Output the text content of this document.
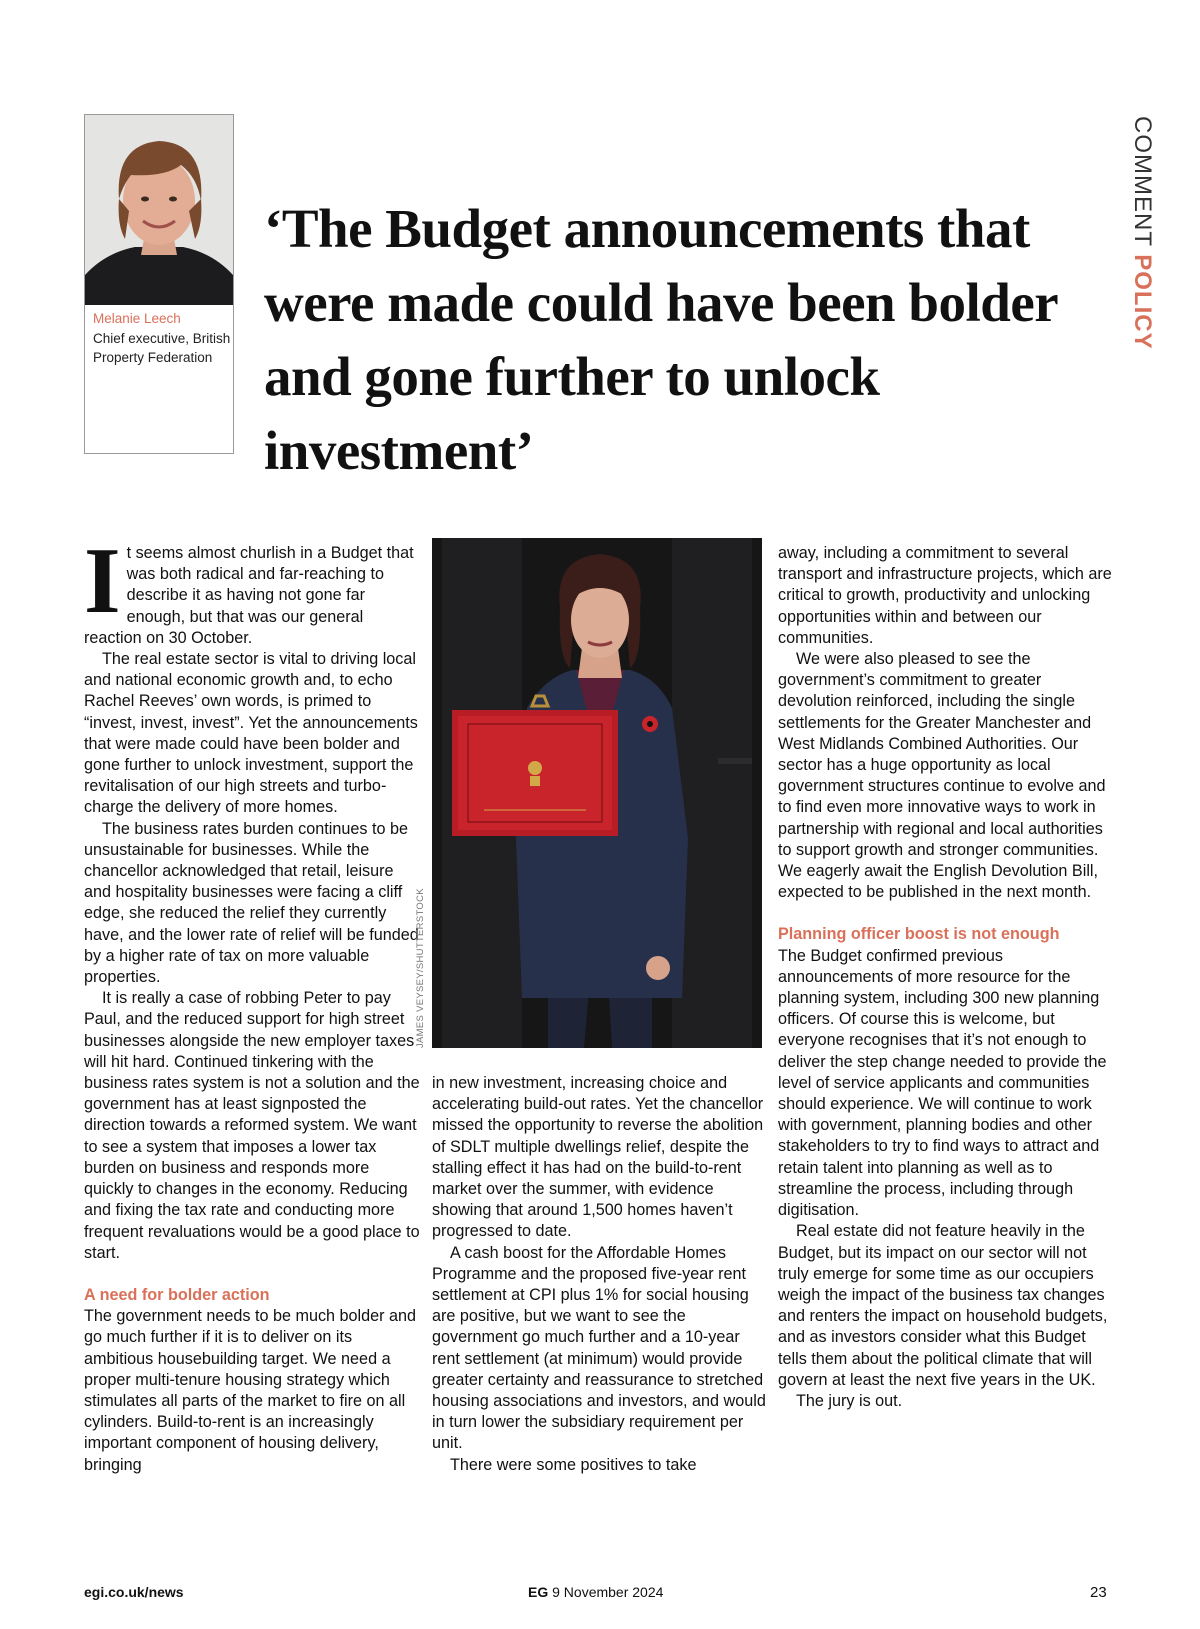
COMMENT POLICY
Melanie Leech
Chief executive, British Property Federation
‘The Budget announcements that were made could have been bolder and gone further to unlock investment’
I t seems almost churlish in a Budget that was both radical and far-reaching to describe it as having not gone far enough, but that was our general reaction on 30 October.

The real estate sector is vital to driving local and national economic growth and, to echo Rachel Reeves’ own words, is primed to “invest, invest, invest”. Yet the announcements that were made could have been bolder and gone further to unlock investment, support the revitalisation of our high streets and turbo-charge the delivery of more homes.

The business rates burden continues to be unsustainable for businesses. While the chancellor acknowledged that retail, leisure and hospitality businesses were facing a cliff edge, she reduced the relief they currently have, and the lower rate of relief will be funded by a higher rate of tax on more valuable properties.

It is really a case of robbing Peter to pay Paul, and the reduced support for high street businesses alongside the new employer taxes will hit hard. Continued tinkering with the business rates system is not a solution and the government has at least signposted the direction towards a reformed system. We want to see a system that imposes a lower tax burden on business and responds more quickly to changes in the economy. Reducing and fixing the tax rate and conducting more frequent revaluations would be a good place to start.

A need for bolder action

The government needs to be much bolder and go much further if it is to deliver on its ambitious housebuilding target. We need a proper multi-tenure housing strategy which stimulates all parts of the market to fire on all cylinders. Build-to-rent is an increasingly important component of housing delivery, bringing

JAMES VEYSEY/SHUTTERSTOCK

in new investment, increasing choice and accelerating build-out rates. Yet the chancellor missed the opportunity to reverse the abolition of SDLT multiple dwellings relief, despite the stalling effect it has had on the build-to-rent market over the summer, with evidence showing that around 1,500 homes haven’t progressed to date.

A cash boost for the Affordable Homes Programme and the proposed five-year rent settlement at CPI plus 1% for social housing are positive, but we want to see the government go much further and a 10-year rent settlement (at minimum) would provide greater certainty and reassurance to stretched housing associations and investors, and would in turn lower the subsidiary requirement per unit.

There were some positives to take

away, including a commitment to several transport and infrastructure projects, which are critical to growth, productivity and unlocking opportunities within and between our communities.

We were also pleased to see the government’s commitment to greater devolution reinforced, including the single settlements for the Greater Manchester and West Midlands Combined Authorities. Our sector has a huge opportunity as local government structures continue to evolve and to find even more innovative ways to work in partnership with regional and local authorities to support growth and stronger communities. We eagerly await the English Devolution Bill, expected to be published in the next month.

Planning officer boost is not enough

The Budget confirmed previous announcements of more resource for the planning system, including 300 new planning officers. Of course this is welcome, but everyone recognises that it’s not enough to deliver the step change needed to provide the level of service applicants and communities should experience. We will continue to work with government, planning bodies and other stakeholders to try to find ways to attract and retain talent into planning as well as to streamline the process, including through digitisation.

Real estate did not feature heavily in the Budget, but its impact on our sector will not truly emerge for some time as our occupiers weigh the impact of the business tax changes and renters the impact on household budgets, and as investors consider what this Budget tells them about the political climate that will govern at least the next five years in the UK.

The jury is out.

egi.co.uk/news	EG 9 November 2024	23
